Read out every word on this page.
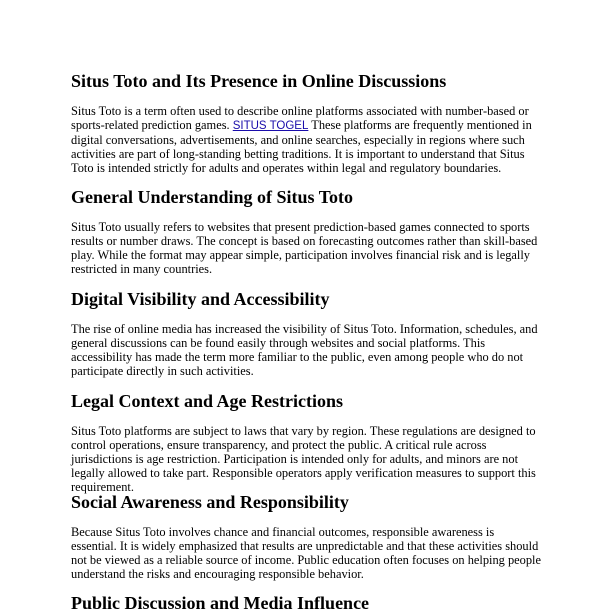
Situs Toto and Its Presence in Online Discussions

Situs Toto is a term often used to describe online platforms associated with number-based or sports-related prediction games. SITUS TOGEL These platforms are frequently mentioned in digital conversations, advertisements, and online searches, especially in regions where such activities are part of long-standing betting traditions. It is important to understand that Situs Toto is intended strictly for adults and operates within legal and regulatory boundaries.

General Understanding of Situs Toto

Situs Toto usually refers to websites that present prediction-based games connected to sports results or number draws. The concept is based on forecasting outcomes rather than skill-based play. While the format may appear simple, participation involves financial risk and is legally restricted in many countries.

Digital Visibility and Accessibility

The rise of online media has increased the visibility of Situs Toto. Information, schedules, and general discussions can be found easily through websites and social platforms. This accessibility has made the term more familiar to the public, even among people who do not participate directly in such activities.

Legal Context and Age Restrictions

Situs Toto platforms are subject to laws that vary by region. These regulations are designed to control operations, ensure transparency, and protect the public. A critical rule across jurisdictions is age restriction. Participation is intended only for adults, and minors are not legally allowed to take part. Responsible operators apply verification measures to support this requirement.

Social Awareness and Responsibility

Because Situs Toto involves chance and financial outcomes, responsible awareness is essential. It is widely emphasized that results are unpredictable and that these activities should not be viewed as a reliable source of income. Public education often focuses on helping people understand the risks and encouraging responsible behavior.

Public Discussion and Media Influence
